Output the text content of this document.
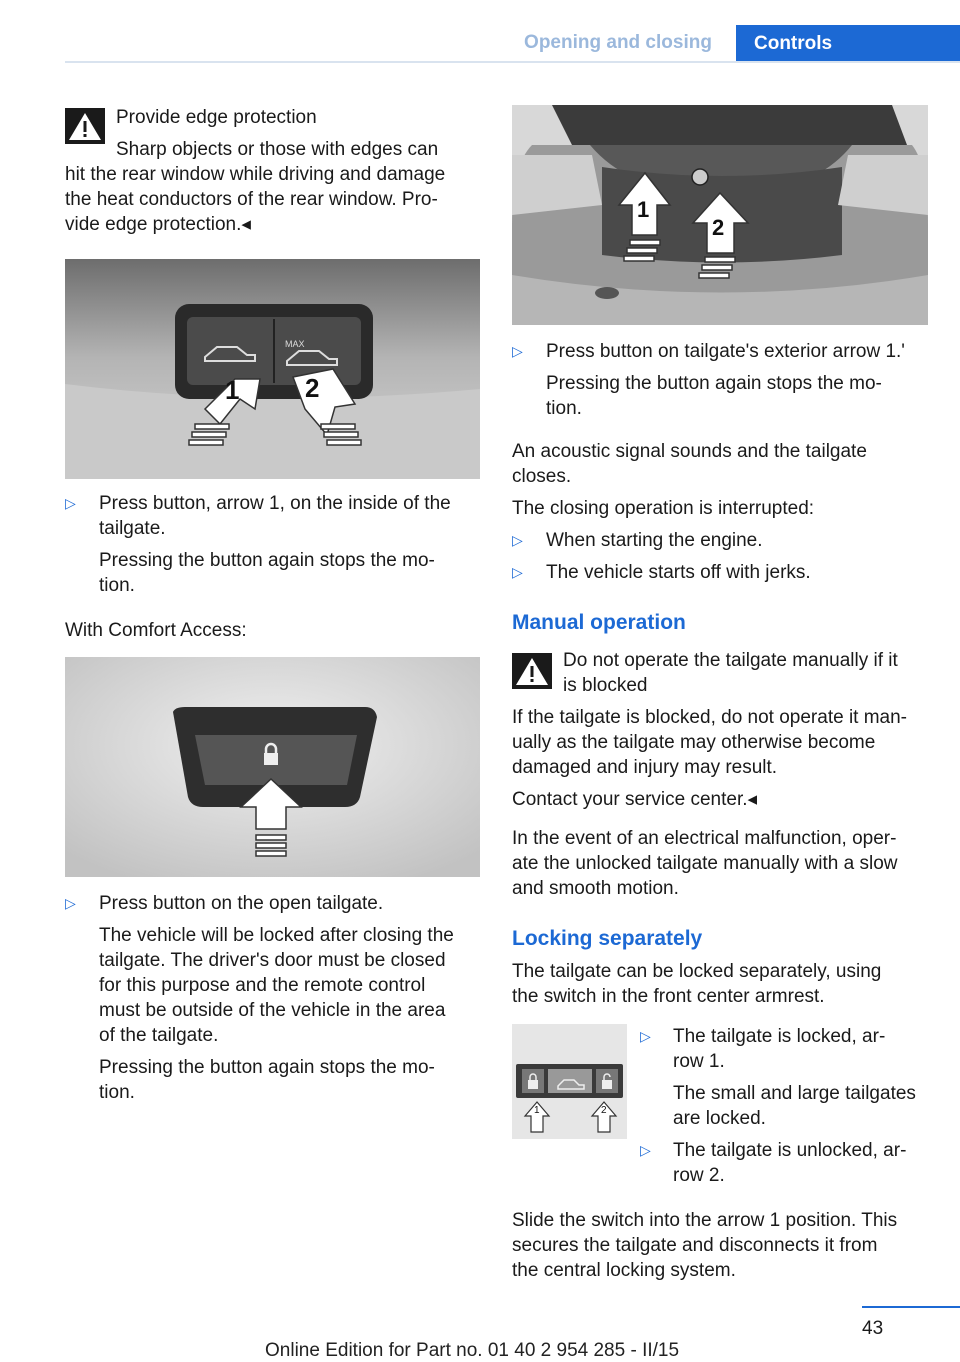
Opening and closing	Controls
Provide edge protection
Sharp objects or those with edges can
hit the rear window while driving and damage
the heat conductors of the rear window. Pro-
vide edge protection.◂
MAX
1	2
▷ Press button, arrow 1, on the inside of the
tailgate.
Pressing the button again stops the mo-
tion.
With Comfort Access:
▷ Press button on the open tailgate.
The vehicle will be locked after closing the
tailgate. The driver's door must be closed
for this purpose and the remote control
must be outside of the vehicle in the area
of the tailgate.
Pressing the button again stops the mo-
tion.
1
2
▷ Press button on tailgate's exterior arrow 1.'
Pressing the button again stops the mo-
tion.
An acoustic signal sounds and the tailgate
closes.
The closing operation is interrupted:
▷ When starting the engine.
▷ The vehicle starts off with jerks.
Manual operation
Do not operate the tailgate manually if it
is blocked
If the tailgate is blocked, do not operate it man-
ually as the tailgate may otherwise become
damaged and injury may result.
Contact your service center.◂
In the event of an electrical malfunction, oper-
ate the unlocked tailgate manually with a slow
and smooth motion.
Locking separately
The tailgate can be locked separately, using
the switch in the front center armrest.
1	2
▷ The tailgate is locked, ar-
row 1.
The small and large tailgates
are locked.
▷ The tailgate is unlocked, ar-
row 2.
Slide the switch into the arrow 1 position. This
secures the tailgate and disconnects it from
the central locking system.
43
Online Edition for Part no. 01 40 2 954 285 - II/15
